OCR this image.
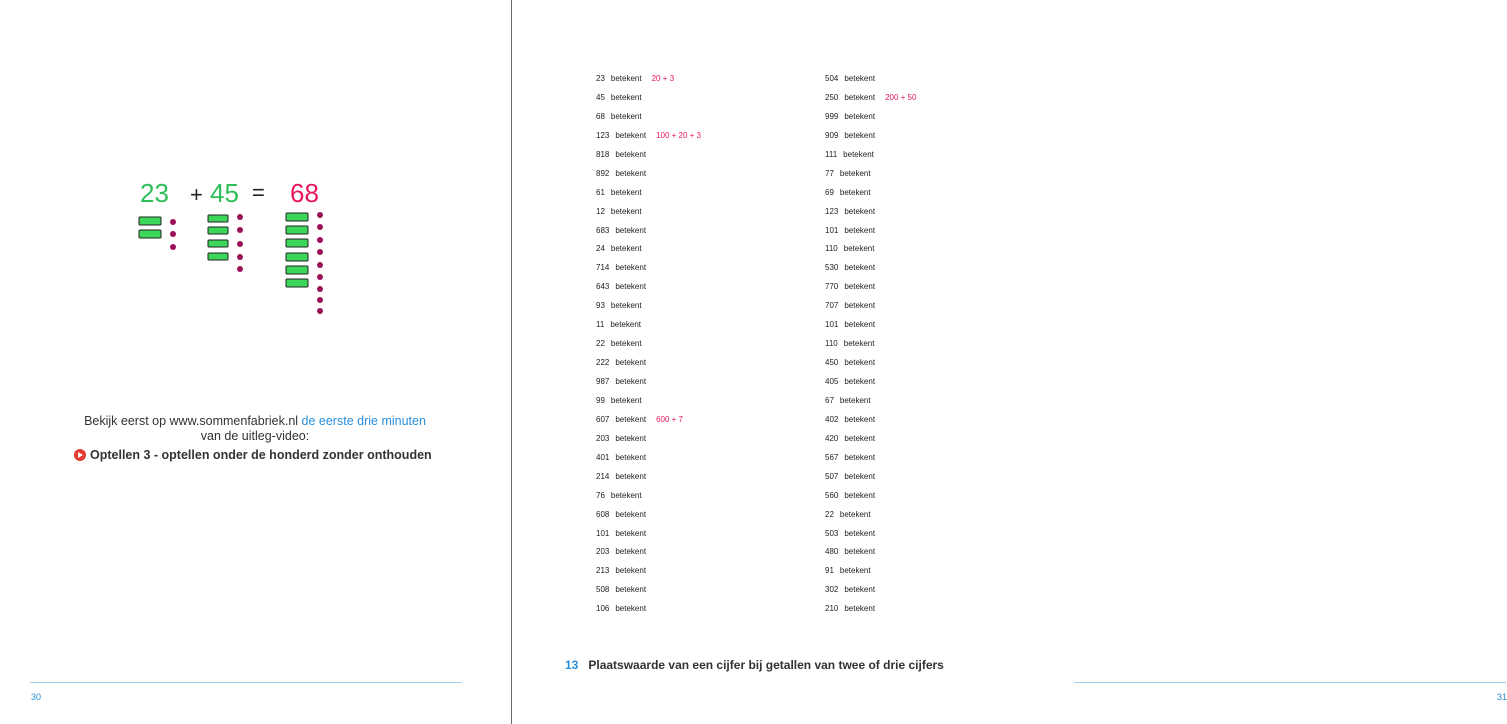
23 + 45 = 68
Bekijk eerst op www.sommenfabriek.nl de eerste drie minuten
van de uitleg-video:
Optellen 3 - optellen onder de honderd zonder onthouden
30	31
23 betekent 20 + 3
45 betekent
68 betekent
123 betekent 100 + 20 + 3
818 betekent
892 betekent
61 betekent
12 betekent
683 betekent
24 betekent
714 betekent
643 betekent
93 betekent
11 betekent
22 betekent
222 betekent
987 betekent
99 betekent
607 betekent 600 + 7
203 betekent
401 betekent
214 betekent
76 betekent
608 betekent
101 betekent
203 betekent
213 betekent
508 betekent
106 betekent
504 betekent
250 betekent 200 + 50
999 betekent
909 betekent
111 betekent
77 betekent
69 betekent
123 betekent
101 betekent
110 betekent
530 betekent
770 betekent
707 betekent
101 betekent
110 betekent
450 betekent
405 betekent
67 betekent
402 betekent
420 betekent
567 betekent
507 betekent
560 betekent
22 betekent
503 betekent
480 betekent
91 betekent
302 betekent
210 betekent
13 Plaatswaarde van een cijfer bij getallen van twee of drie cijfers
